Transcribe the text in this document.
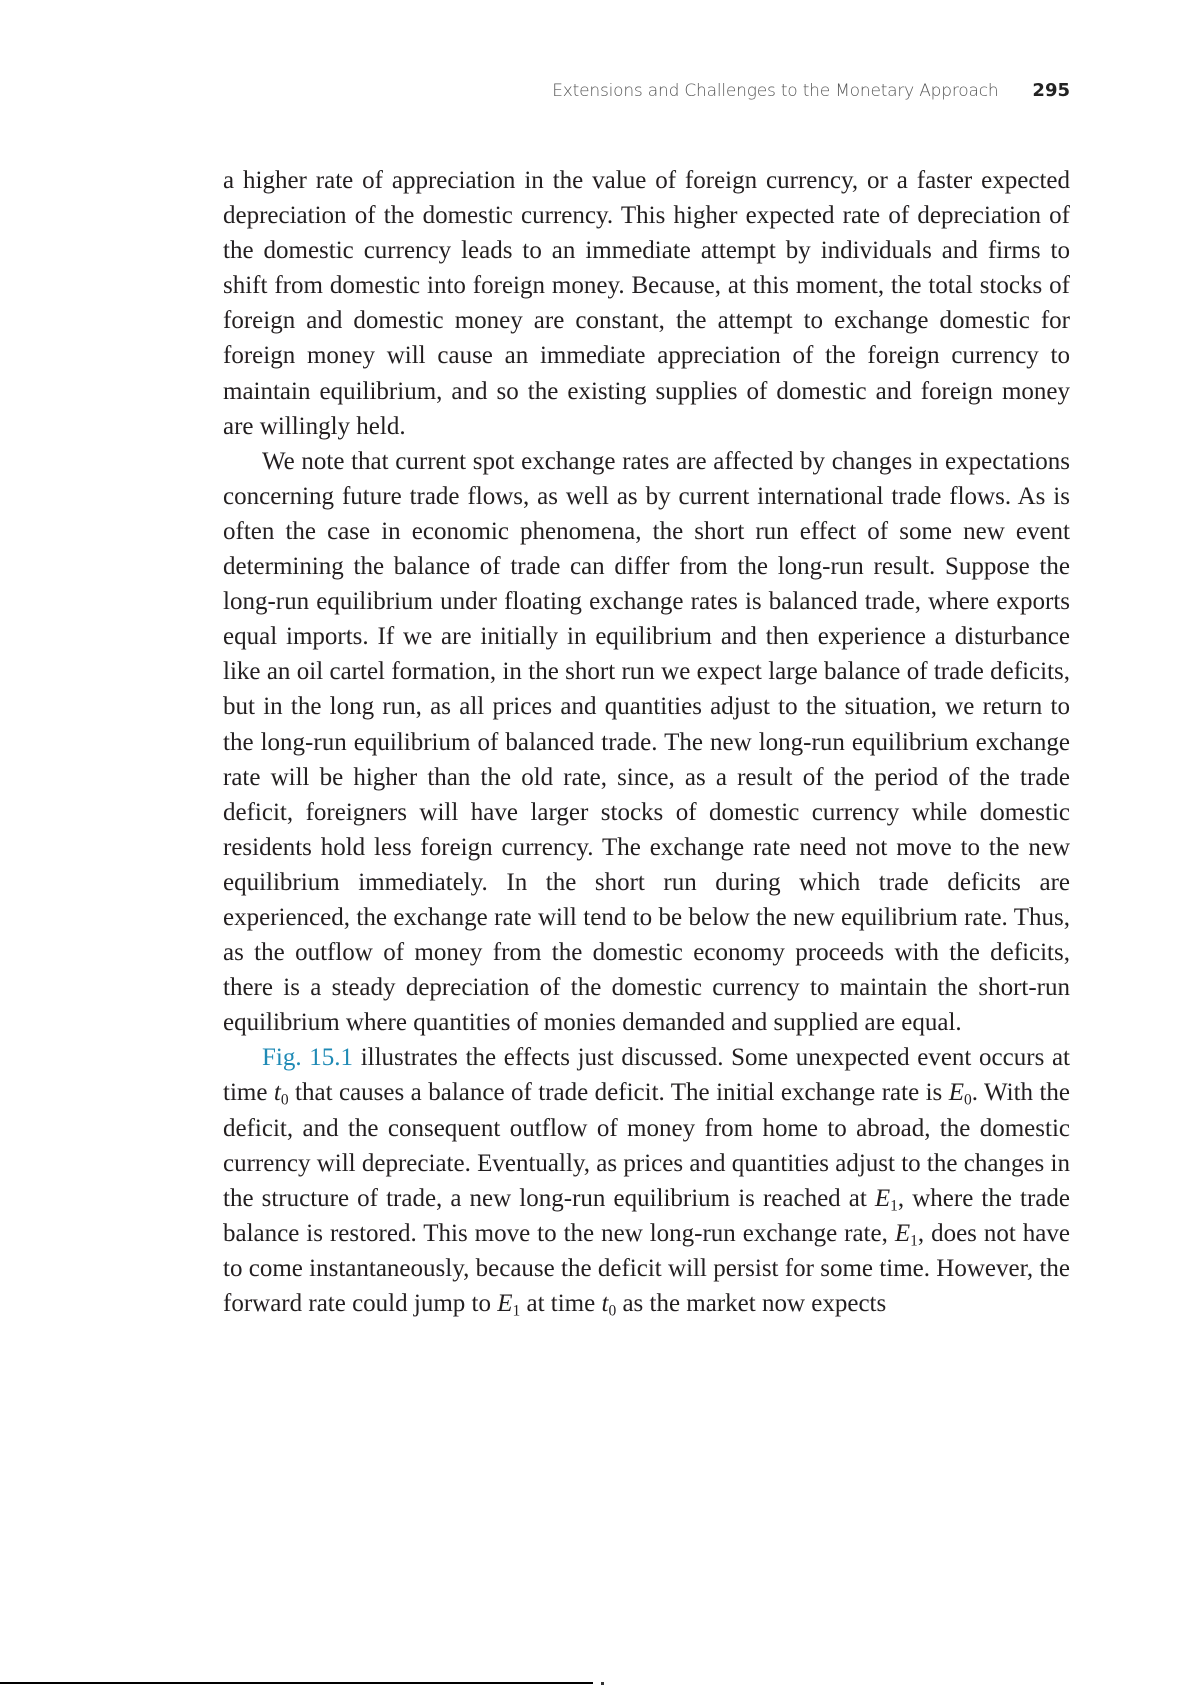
Extensions and Challenges to the Monetary Approach 295

a higher rate of appreciation in the value of foreign currency, or a faster expected depreciation of the domestic currency. This higher expected rate of depreciation of the domestic currency leads to an immediate attempt by individuals and firms to shift from domestic into foreign money. Because, at this moment, the total stocks of foreign and domestic money are constant, the attempt to exchange domestic for foreign money will cause an immediate appreciation of the foreign currency to maintain equilibrium, and so the existing supplies of domestic and foreign money are willingly held.

We note that current spot exchange rates are affected by changes in expectations concerning future trade flows, as well as by current international trade flows. As is often the case in economic phenomena, the short run effect of some new event determining the balance of trade can differ from the long-run result. Suppose the long-run equilibrium under floating exchange rates is balanced trade, where exports equal imports. If we are initially in equilibrium and then experience a disturbance like an oil cartel formation, in the short run we expect large balance of trade deficits, but in the long run, as all prices and quantities adjust to the situation, we return to the long-run equilibrium of balanced trade. The new long-run equilibrium exchange rate will be higher than the old rate, since, as a result of the period of the trade deficit, foreigners will have larger stocks of domestic currency while domestic residents hold less foreign currency. The exchange rate need not move to the new equilibrium immediately. In the short run during which trade deficits are experienced, the exchange rate will tend to be below the new equilibrium rate. Thus, as the outflow of money from the domestic economy proceeds with the deficits, there is a steady depreciation of the domestic currency to maintain the short-run equilibrium where quantities of monies demanded and supplied are equal.

Fig. 15.1 illustrates the effects just discussed. Some unexpected event occurs at time $t_0$ that causes a balance of trade deficit. The initial exchange rate is $E_0$. With the deficit, and the consequent outflow of money from home to abroad, the domestic currency will depreciate. Eventually, as prices and quantities adjust to the changes in the structure of trade, a new long-run equilibrium is reached at $E_1$, where the trade balance is restored. This move to the new long-run exchange rate, $E_1$, does not have to come instantaneously, because the deficit will persist for some time. However, the forward rate could jump to $E_1$ at time $t_0$ as the market now expects
